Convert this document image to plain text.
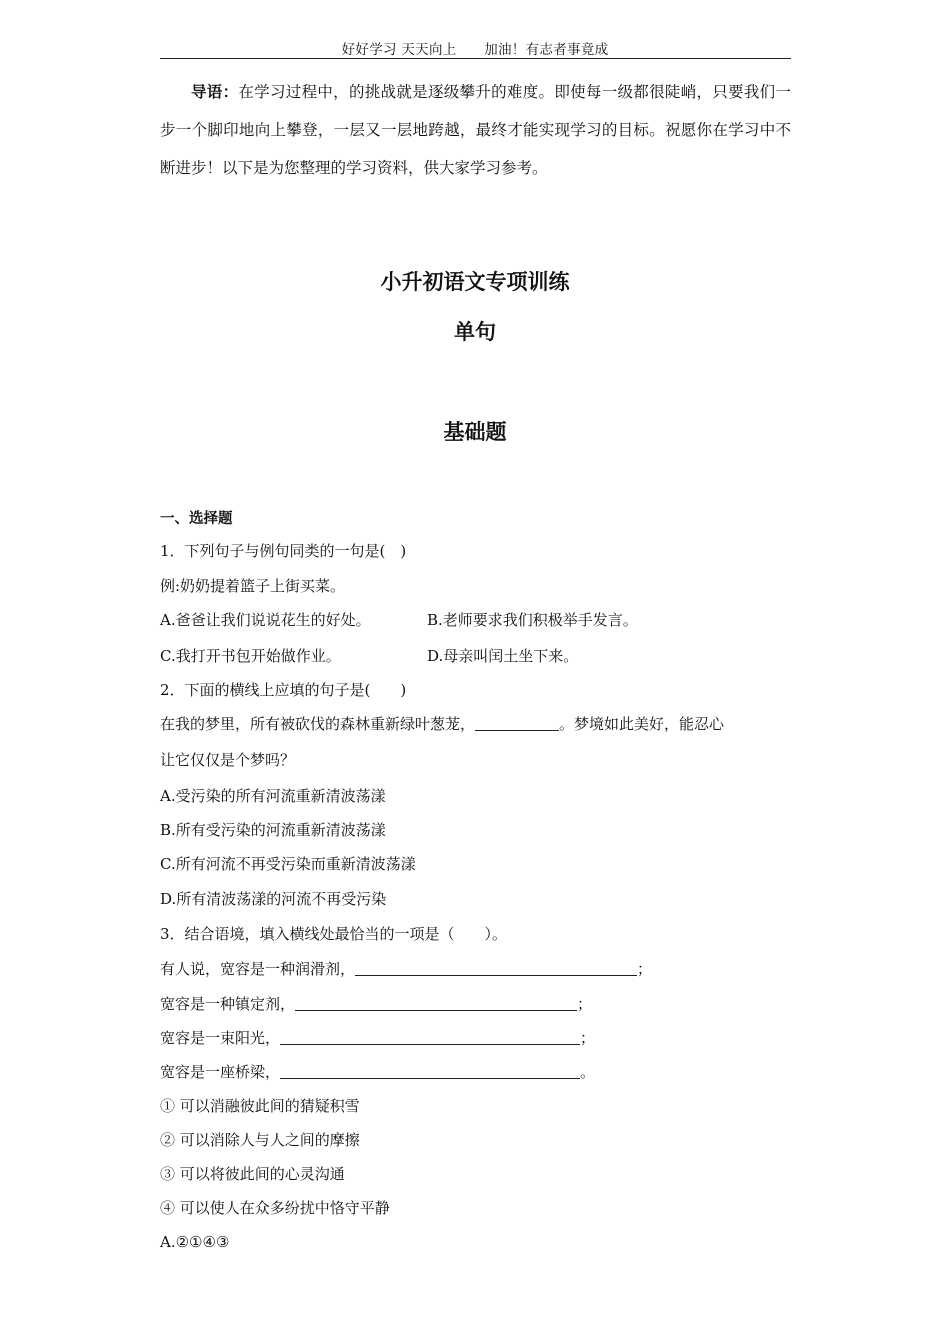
好好学习 天天向上　　 加油！有志者事竟成
导语：在学习过程中，的挑战就是逐级攀升的难度。即使每一级都很陡峭，只要我们一步一个脚印地向上攀登，一层又一层地跨越，最终才能实现学习的目标。祝愿你在学习中不断进步！以下是为您整理的学习资料，供大家学习参考。
小升初语文专项训练
单句
基础题
一、选择题
1．下列句子与例句同类的一句是(　)
例:奶奶提着篮子上街买菜。
A.爸爸让我们说说花生的好处。	B.老师要求我们积极举手发言。
C.我打开书包开始做作业。	D.母亲叫闰土坐下来。
2．下面的横线上应填的句子是(　　)
在我的梦里，所有被砍伐的森林重新绿叶葱茏，	。梦境如此美好，能忍心
让它仅仅是个梦吗？
A.受污染的所有河流重新清波荡漾
B.所有受污染的河流重新清波荡漾
C.所有河流不再受污染而重新清波荡漾
D.所有清波荡漾的河流不再受污染
3．结合语境，填入横线处最恰当的一项是（　　）。
有人说，宽容是一种润滑剂，	；
宽容是一种镇定剂，	；
宽容是一束阳光，	；
宽容是一座桥梁，	。
① 可以消融彼此间的猜疑积雪
② 可以消除人与人之间的摩擦
③ 可以将彼此间的心灵沟通
④ 可以使人在众多纷扰中恪守平静
A.②①④③
